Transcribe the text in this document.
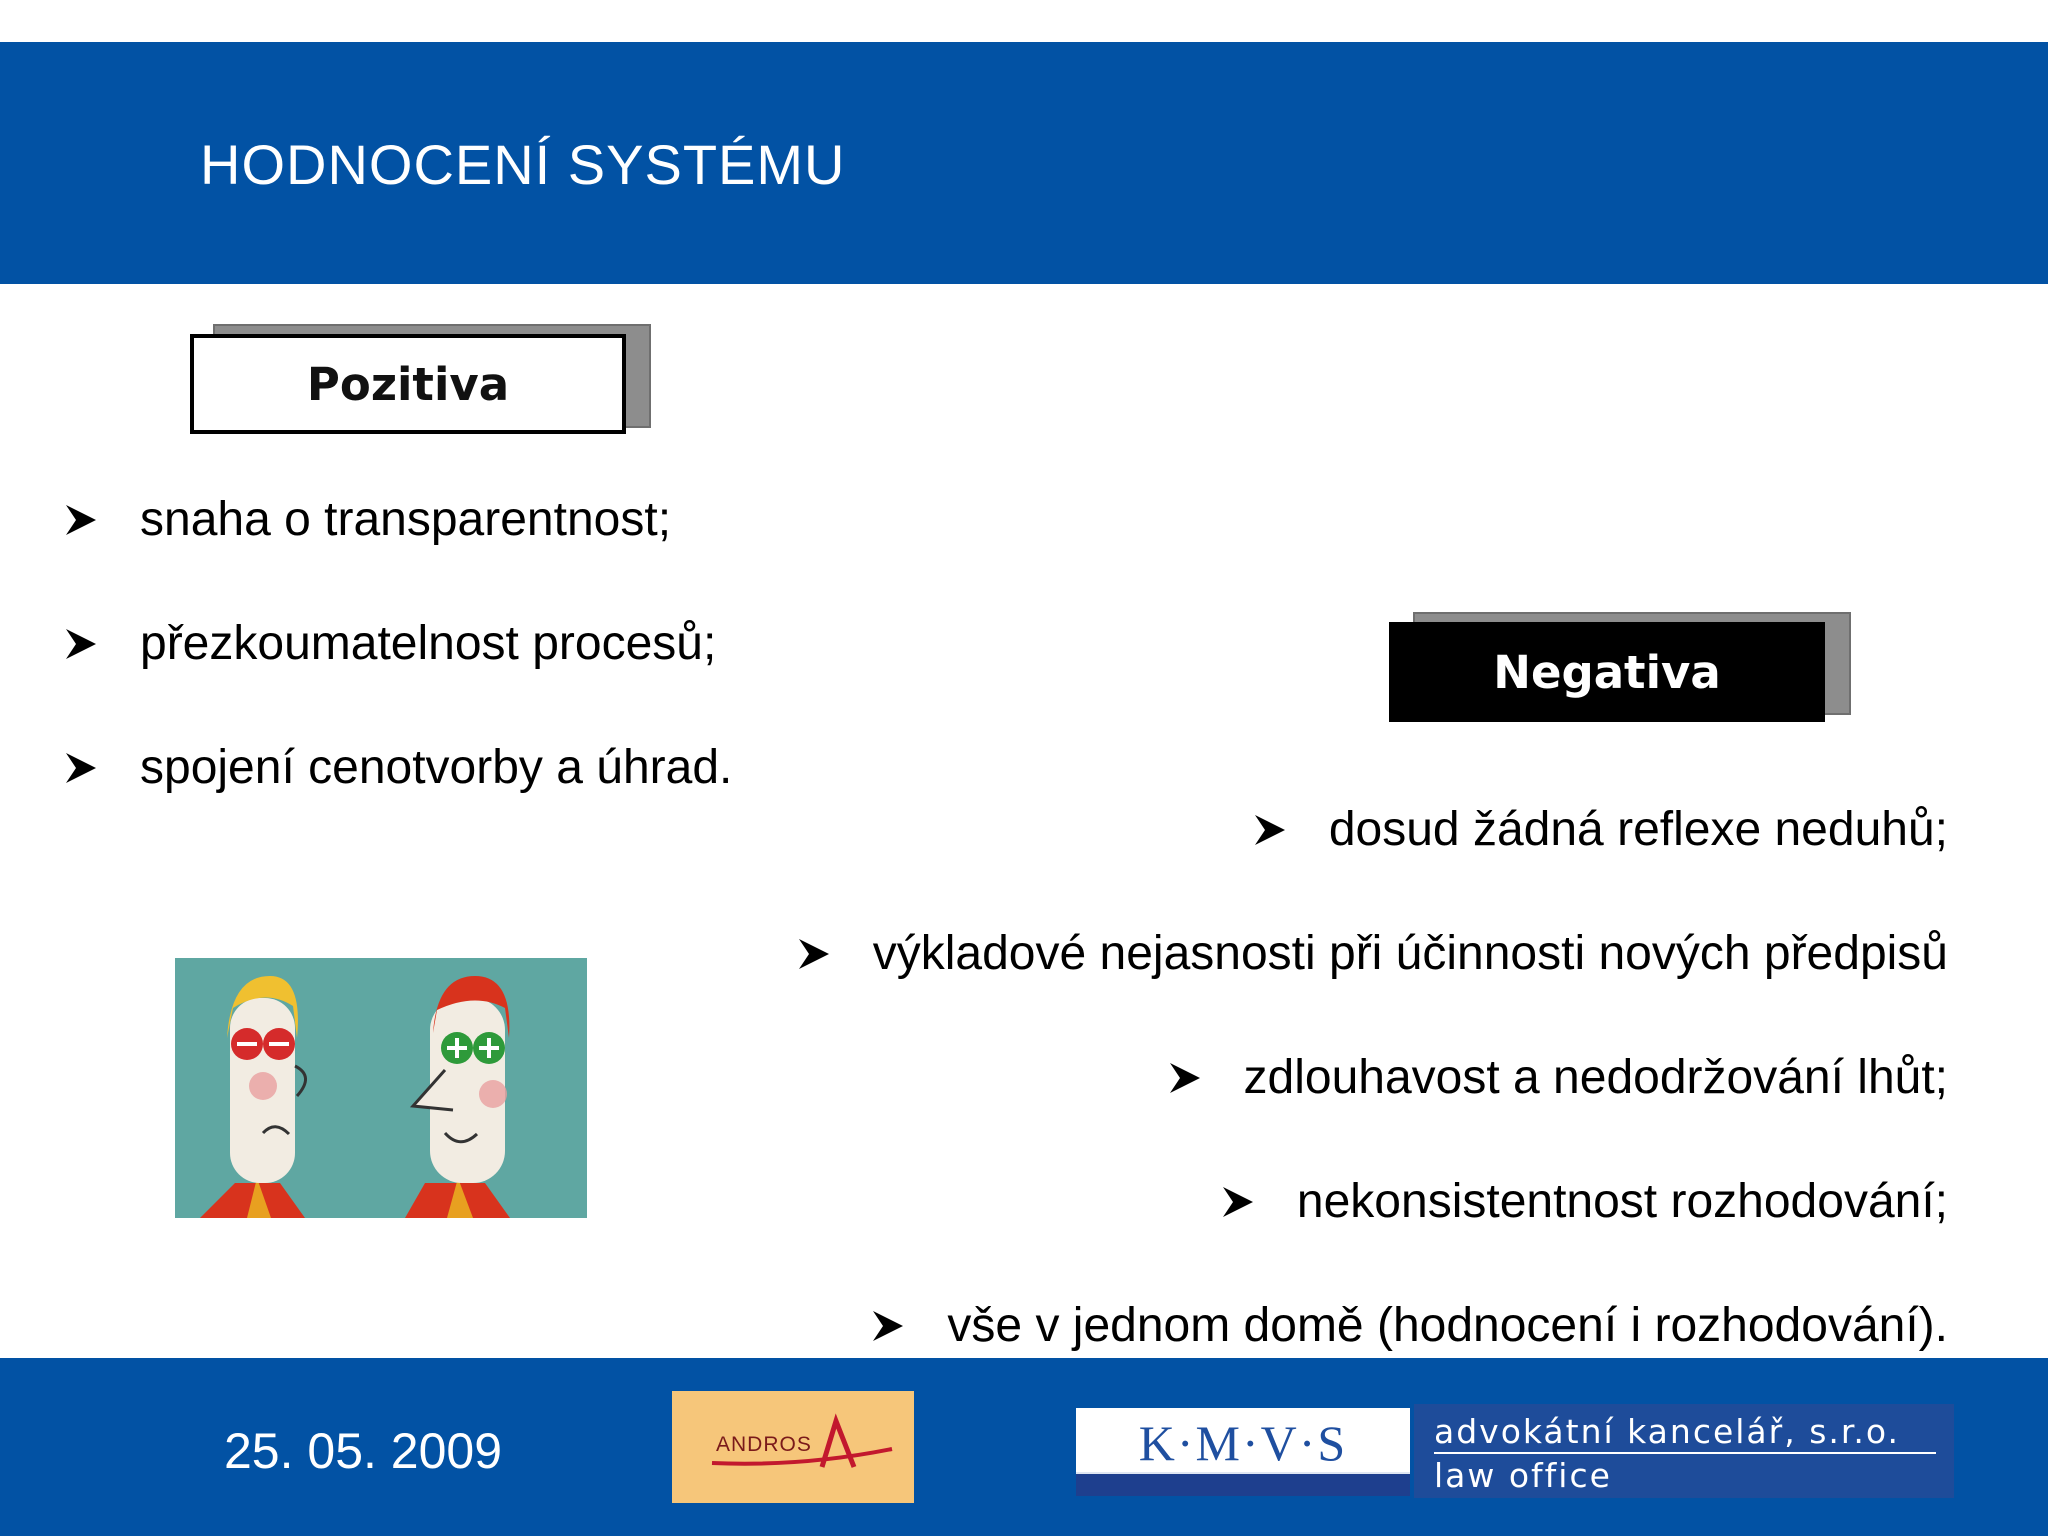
HODNOCENÍ SYSTÉMU
Pozitiva
snaha o transparentnost;
přezkoumatelnost procesů;
spojení cenotvorby a úhrad.
Negativa
dosud žádná reflexe neduhů;
výkladové nejasnosti při účinnosti nových předpisů
zdlouhavost a nedodržování lhůt;
nekonsistentnost rozhodování;
vše v jednom domě (hodnocení i rozhodování).
25. 05. 2009	ANDROS	K·M·V·S	advokátní kancelář, s.r.o.
law office
